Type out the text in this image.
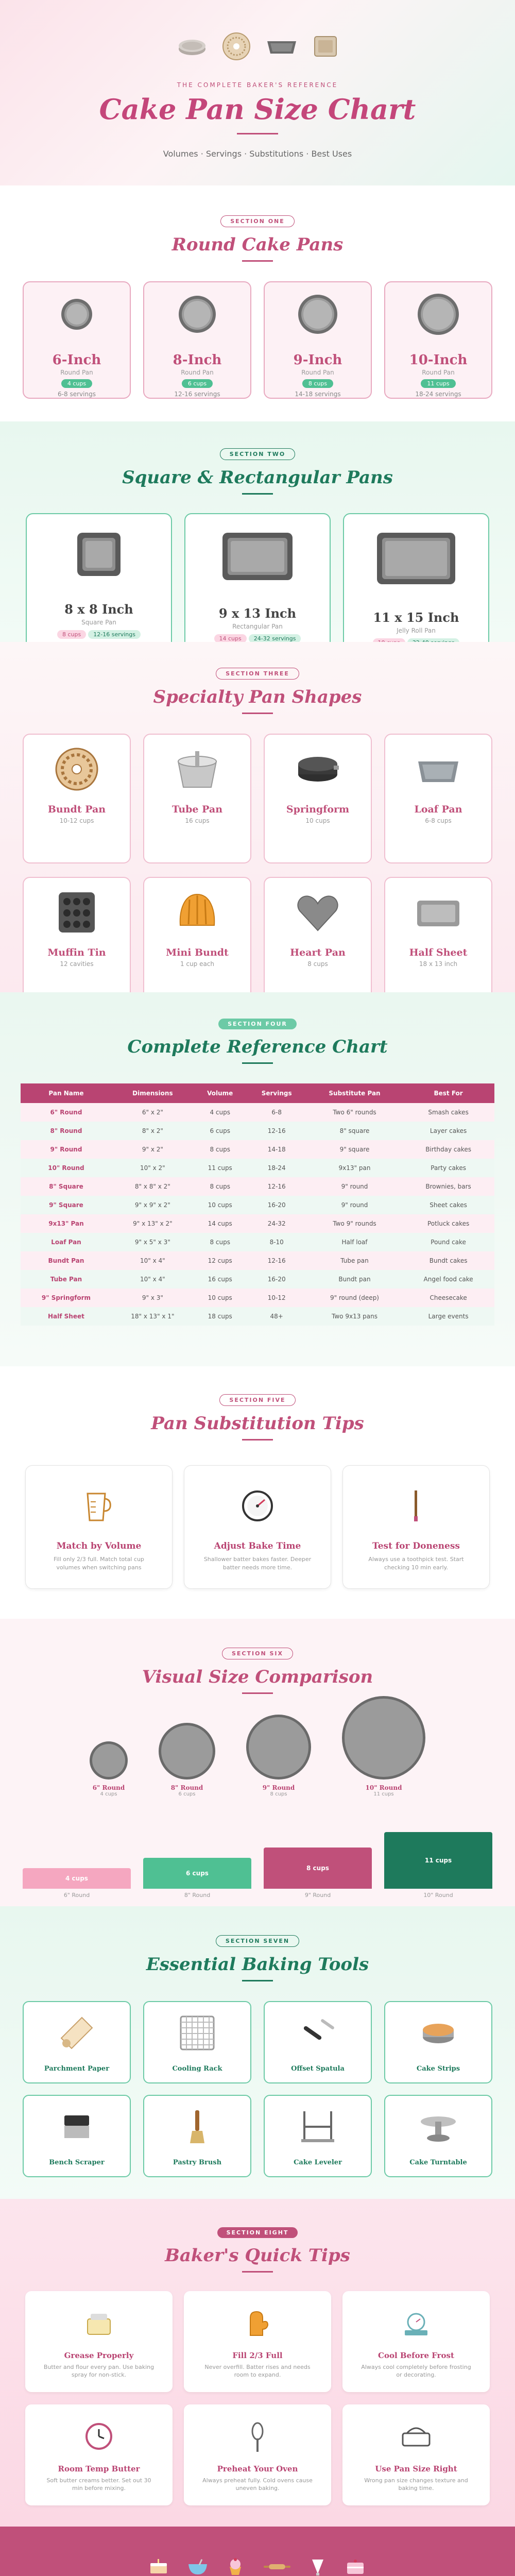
THE COMPLETE BAKER'S REFERENCE
Cake Pan Size Chart
Volumes · Servings · Substitutions · Best Uses
SECTION ONE
Round Cake Pans
6-Inch
Round Pan
4 cups
6-8 servings
8-Inch
Round Pan
6 cups
12-16 servings
9-Inch
Round Pan
8 cups
14-18 servings
10-Inch
Round Pan
11 cups
18-24 servings
SECTION TWO
Square & Rectangular Pans
8 x 8 Inch
Square Pan
8 cups 12-16 servings
9 x 13 Inch
Rectangular Pan
14 cups 24-32 servings
11 x 15 Inch
Jelly Roll Pan
SECTION THREE
Specialty Pan Shapes
Bundt Pan
10-12 cups
Tube Pan
16 cups
Springform
10 cups
Loaf Pan
6-8 cups
Muffin Tin
12 cavities
Mini Bundt
1 cup each
Heart Pan
8 cups
Half Sheet
18 x 13 inch
SECTION FOUR
Complete Reference Chart
Pan Name	Dimensions	Volume	Servings	Substitute Pan	Best For
6" Round	6" x 2"	4 cups	6-8	Two 6" rounds	Smash cakes
8" Round	8" x 2"	6 cups	12-16	8" square	Layer cakes
9" Round	9" x 2"	8 cups	14-18	9" square	Birthday cakes
10" Round	10" x 2"	11 cups	18-24	9x13" pan	Party cakes
8" Square	8" x 8" x 2"	8 cups	12-16	9" round	Brownies, bars
9" Square	9" x 9" x 2"	10 cups	16-20	9" round	Sheet cakes
9x13" Pan	9" x 13" x 2"	14 cups	24-32	Two 9" rounds	Potluck cakes
Loaf Pan	9" x 5" x 3"	8 cups	8-10	Half loaf	Pound cake
Bundt Pan	10" x 4"	12 cups	12-16	Tube pan	Bundt cakes
Tube Pan	10" x 4"	16 cups	16-20	Bundt pan	Angel food cake
9" Springform	9" x 3"	10 cups	10-12	9" round (deep)	Cheesecake
Half Sheet	18" x 13" x 1"	18 cups	48+	Two 9x13 pans	Large events
SECTION FIVE
Pan Substitution Tips
Match by Volume
Fill only 2/3 full. Match total cup volumes when switching pans
Adjust Bake Time
Shallower batter bakes faster. Deeper batter needs more time.
Test for Doneness
Always use a toothpick test. Start checking 10 min early.
SECTION SIX
Visual Size Comparison
6" Round
4 cups
8" Round
6 cups
9" Round
8 cups
10" Round
11 cups
4 cups
6" Round
6 cups
8" Round
8 cups
9" Round
11 cups
10" Round
SECTION SEVEN
Essential Baking Tools
Parchment Paper	Cooling Rack	Offset Spatula	Cake Strips
Bench Scraper	Pastry Brush	Cake Leveler	Cake Turntable
SECTION EIGHT
Baker's Quick Tips
Grease Properly
Butter and flour every pan. Use baking spray for non-stick.
Fill 2/3 Full
Never overfill. Batter rises and needs room to expand.
Cool Before Frost
Always cool completely before frosting or decorating.
Room Temp Butter
Soft butter creams better. Set out 30 min before mixing.
Preheat Your Oven
Always preheat fully. Cold ovens cause uneven baking.
Use Pan Size Right
Wrong pan size changes texture and baking time.
